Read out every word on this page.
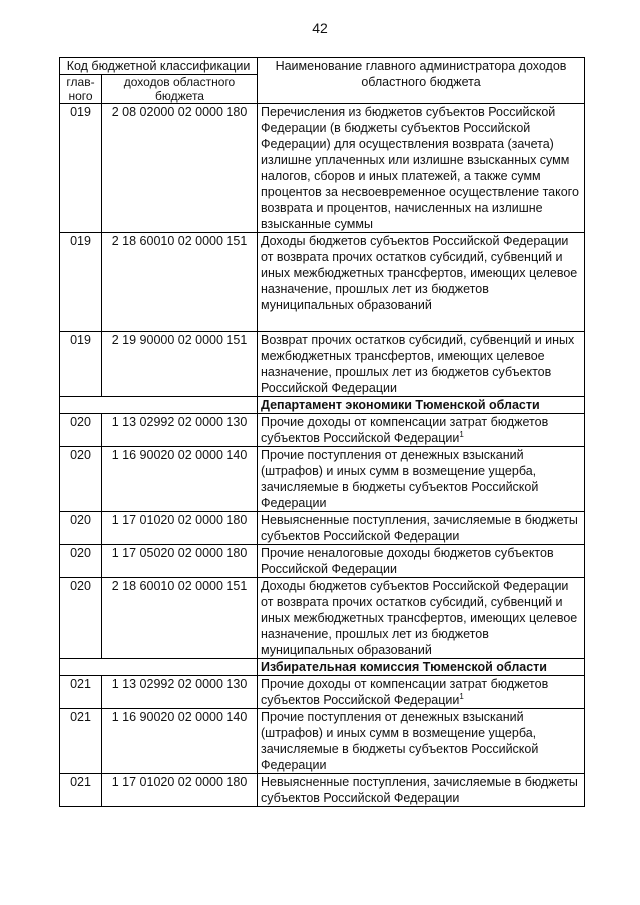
42
Код бюджетной классификации		Наименование главного администратора доходов областного бюджета
глав-ного	доходов областного бюджета	
019	2 08 02000 02 0000 180	Перечисления из бюджетов субъектов Российской Федерации (в бюджеты субъектов Российской Федерации) для осуществления возврата (зачета) излишне уплаченных или излишне взысканных сумм налогов, сборов и иных платежей, а также сумм процентов за несвоевременное осуществление такого возврата и процентов, начисленных на излишне взысканные суммы
019	2 18 60010 02 0000 151	Доходы бюджетов субъектов Российской Федерации от возврата прочих остатков субсидий, субвенций и иных межбюджетных трансфертов, имеющих целевое назначение, прошлых лет из бюджетов муниципальных образований
019	2 19 90000 02 0000 151	Возврат прочих остатков субсидий, субвенций и иных межбюджетных трансфертов, имеющих целевое назначение, прошлых лет из бюджетов субъектов Российской Федерации
		Департамент экономики Тюменской области
020	1 13 02992 02 0000 130	Прочие доходы от компенсации затрат бюджетов субъектов Российской Федерации$^1$
020	1 16 90020 02 0000 140	Прочие поступления от денежных взысканий (штрафов) и иных сумм в возмещение ущерба, зачисляемые в бюджеты субъектов Российской Федерации
020	1 17 01020 02 0000 180	Невыясненные поступления, зачисляемые в бюджеты субъектов Российской Федерации
020	1 17 05020 02 0000 180	Прочие неналоговые доходы бюджетов субъектов Российской Федерации
020	2 18 60010 02 0000 151	Доходы бюджетов субъектов Российской Федерации от возврата прочих остатков субсидий, субвенций и иных межбюджетных трансфертов, имеющих целевое назначение, прошлых лет из бюджетов муниципальных образований
		Избирательная комиссия Тюменской области
021	1 13 02992 02 0000 130	Прочие доходы от компенсации затрат бюджетов субъектов Российской Федерации$^1$
021	1 16 90020 02 0000 140	Прочие поступления от денежных взысканий (штрафов) и иных сумм в возмещение ущерба, зачисляемые в бюджеты субъектов Российской Федерации
021	1 17 01020 02 0000 180	Невыясненные поступления, зачисляемые в бюджеты субъектов Российской Федерации
